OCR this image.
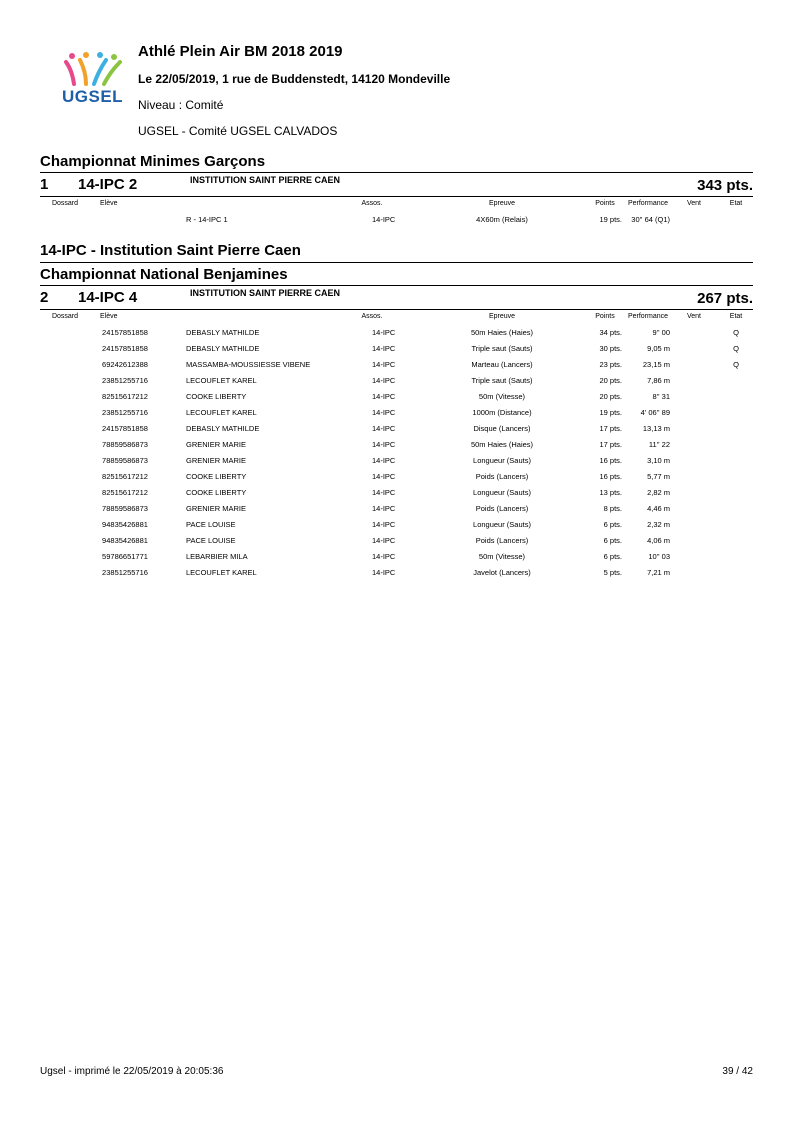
UGSEL
Athlé Plein Air BM 2018 2019
Le 22/05/2019, 1 rue de Buddenstedt, 14120 Mondeville
Niveau : Comité
UGSEL - Comité UGSEL CALVADOS
Championnat Minimes Garçons
1 14-IPC 2	INSTITUTION SAINT PIERRE CAEN	343 pts.
Dossard	Elève	Assos.	Epreuve	Points Performance	Vent	Etat
R - 14-IPC 1	14-IPC	4X60m (Relais)	19 pts. 30'' 64 (Q1)
14-IPC - Institution Saint Pierre Caen
Championnat National Benjamines
2 14-IPC 4	INSTITUTION SAINT PIERRE CAEN	267 pts.
Dossard	Elève	Assos.	Epreuve	Points Performance	Vent	Etat
24157851858	DEBASLY MATHILDE	14-IPC	50m Haies (Haies)	34 pts.	9'' 00	Q
24157851858	DEBASLY MATHILDE	14-IPC	Triple saut (Sauts)	30 pts.	9,05 m	Q
69242612388	MASSAMBA-MOUSSIESSE VIBENE	14-IPC	Marteau (Lancers)	23 pts.	23,15 m	Q
23851255716	LECOUFLET KAREL	14-IPC	Triple saut (Sauts)	20 pts.	7,86 m
82515617212	COOKE LIBERTY	14-IPC	50m (Vitesse)	20 pts.	8'' 31
23851255716	LECOUFLET KAREL	14-IPC	1000m (Distance)	19 pts. 4' 06'' 89
24157851858	DEBASLY MATHILDE	14-IPC	Disque (Lancers)	17 pts.	13,13 m
78859586873	GRENIER MARIE	14-IPC	50m Haies (Haies)	17 pts.	11'' 22
78859586873	GRENIER MARIE	14-IPC	Longueur (Sauts)	16 pts.	3,10 m
82515617212	COOKE LIBERTY	14-IPC	Poids (Lancers)	16 pts.	5,77 m
82515617212	COOKE LIBERTY	14-IPC	Longueur (Sauts)	13 pts.	2,82 m
78859586873	GRENIER MARIE	14-IPC	Poids (Lancers)	8 pts.	4,46 m
94835426881	PACE LOUISE	14-IPC	Longueur (Sauts)	6 pts.	2,32 m
94835426881	PACE LOUISE	14-IPC	Poids (Lancers)	6 pts.	4,06 m
59786651771	LEBARBIER MILA	14-IPC	50m (Vitesse)	6 pts.	10'' 03
23851255716	LECOUFLET KAREL	14-IPC	Javelot (Lancers)	5 pts.	7,21 m
Ugsel - imprimé le 22/05/2019 à 20:05:36	39 / 42
